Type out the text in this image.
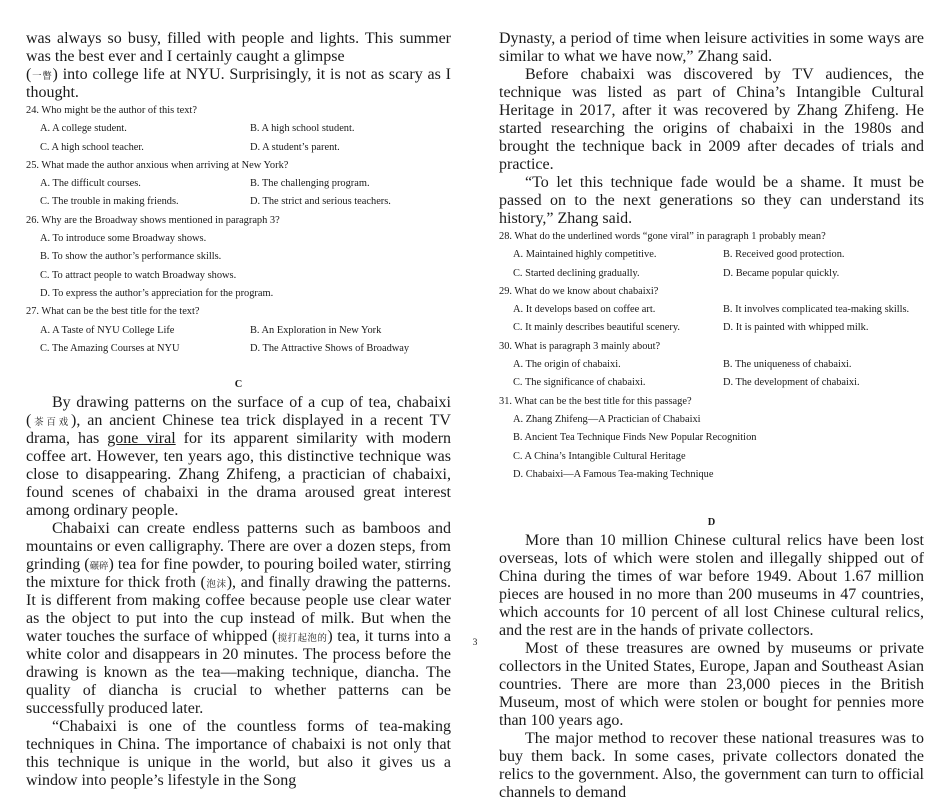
was always so busy, filled with people and lights. This summer was the best ever and I certainly caught a glimpse
(一瞥) into college life at NYU. Surprisingly, it is not as scary as I thought.
24. Who might be the author of this text?
A. A college student.	B. A high school student.
C. A high school teacher.	D. A student’s parent.
25. What made the author anxious when arriving at New York?
A. The difficult courses.	B. The challenging program.
C. The trouble in making friends.	D. The strict and serious teachers.
26. Why are the Broadway shows mentioned in paragraph 3?
A. To introduce some Broadway shows.
B. To show the author’s performance skills.
C. To attract people to watch Broadway shows.
D. To express the author’s appreciation for the program.
27. What can be the best title for the text?
A. A Taste of NYU College Life	B. An Exploration in New York
C. The Amazing Courses at NYU	D. The Attractive Shows of Broadway
C
By drawing patterns on the surface of a cup of tea, chabaixi (茶百戏), an ancient Chinese tea trick displayed in a recent TV drama, has gone viral for its apparent similarity with modern coffee art. However, ten years ago, this distinctive technique was close to disappearing. Zhang Zhifeng, a practician of chabaixi, found scenes of chabaixi in the drama aroused great interest among ordinary people.
Chabaixi can create endless patterns such as bamboos and mountains or even calligraphy. There are over a dozen steps, from grinding (碾碎) tea for fine powder, to pouring boiled water, stirring the mixture for thick froth (泡沫), and finally drawing the patterns. It is different from making coffee because people use clear water as the object to put into the cup instead of milk. But when the water touches the surface of whipped (搅打起泡的) tea, it turns into a white color and disappears in 20 minutes. The process before the drawing is known as the tea—making technique, diancha. The quality of diancha is crucial to whether patterns can be successfully produced later.
“Chabaixi is one of the countless forms of tea-making techniques in China. The importance of chabaixi is not only that this technique is unique in the world, but also it gives us a window into people’s lifestyle in the Song
Dynasty, a period of time when leisure activities in some ways are similar to what we have now,” Zhang said.
Before chabaixi was discovered by TV audiences, the technique was listed as part of China’s Intangible Cultural Heritage in 2017, after it was recovered by Zhang Zhifeng. He started researching the origins of chabaixi in the 1980s and brought the technique back in 2009 after decades of trials and practice.
“To let this technique fade would be a shame. It must be passed on to the next generations so they can understand its history,” Zhang said.
28. What do the underlined words “gone viral” in paragraph 1 probably mean?
A. Maintained highly competitive.	B. Received good protection.
C. Started declining gradually.	D. Became popular quickly.
29. What do we know about chabaixi?
A. It develops based on coffee art.	B. It involves complicated tea-making skills.
C. It mainly describes beautiful scenery.	D. It is painted with whipped milk.
30. What is paragraph 3 mainly about?
A. The origin of chabaixi.	B. The uniqueness of chabaixi.
C. The significance of chabaixi.	D. The development of chabaixi.
31. What can be the best title for this passage?
A. Zhang Zhifeng—A Practician of Chabaixi
B. Ancient Tea Technique Finds New Popular Recognition
C. A China’s Intangible Cultural Heritage
D. Chabaixi—A Famous Tea-making Technique
D
More than 10 million Chinese cultural relics have been lost overseas, lots of which were stolen and illegally shipped out of China during the times of war before 1949. About 1.67 million pieces are housed in no more than 200 museums in 47 countries, which accounts for 10 percent of all lost Chinese cultural relics, and the rest are in the hands of private collectors.
Most of these treasures are owned by museums or private collectors in the United States, Europe, Japan and Southeast Asian countries. There are more than 23,000 pieces in the British Museum, most of which were stolen or bought for pennies more than 100 years ago.
The major method to recover these national treasures was to buy them back. In some cases, private collectors donated the relics to the government. Also, the government can turn to official channels to demand
3
